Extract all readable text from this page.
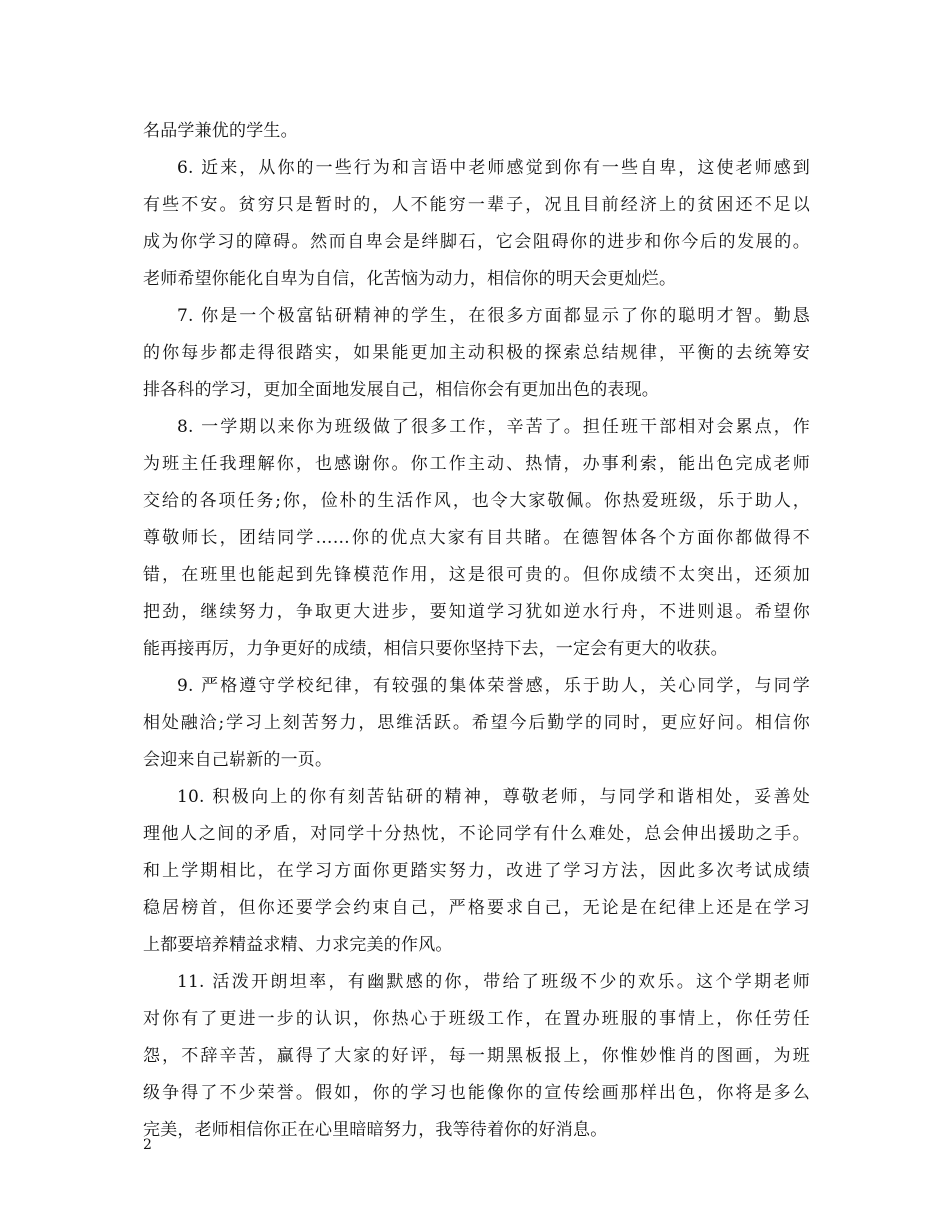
名品学兼优的学生。
6. 近来，从你的一些行为和言语中老师感觉到你有一些自卑，这使老师感到
有些不安。贫穷只是暂时的，人不能穷一辈子，况且目前经济上的贫困还不足以
成为你学习的障碍。然而自卑会是绊脚石，它会阻碍你的进步和你今后的发展的。
老师希望你能化自卑为自信，化苦恼为动力，相信你的明天会更灿烂。
7. 你是一个极富钻研精神的学生，在很多方面都显示了你的聪明才智。勤恳
的你每步都走得很踏实，如果能更加主动积极的探索总结规律，平衡的去统筹安
排各科的学习，更加全面地发展自己，相信你会有更加出色的表现。
8. 一学期以来你为班级做了很多工作，辛苦了。担任班干部相对会累点，作
为班主任我理解你，也感谢你。你工作主动、热情，办事利索，能出色完成老师
交给的各项任务;你，俭朴的生活作风，也令大家敬佩。你热爱班级，乐于助人，
尊敬师长，团结同学……你的优点大家有目共睹。在德智体各个方面你都做得不
错，在班里也能起到先锋模范作用，这是很可贵的。但你成绩不太突出，还须加
把劲，继续努力，争取更大进步，要知道学习犹如逆水行舟，不进则退。希望你
能再接再厉，力争更好的成绩，相信只要你坚持下去，一定会有更大的收获。
9. 严格遵守学校纪律，有较强的集体荣誉感，乐于助人，关心同学，与同学
相处融洽;学习上刻苦努力，思维活跃。希望今后勤学的同时，更应好问。相信你
会迎来自己崭新的一页。
10. 积极向上的你有刻苦钻研的精神，尊敬老师，与同学和谐相处，妥善处
理他人之间的矛盾，对同学十分热忱，不论同学有什么难处，总会伸出援助之手。
和上学期相比，在学习方面你更踏实努力，改进了学习方法，因此多次考试成绩
稳居榜首，但你还要学会约束自己，严格要求自己，无论是在纪律上还是在学习
上都要培养精益求精、力求完美的作风。
11. 活泼开朗坦率，有幽默感的你，带给了班级不少的欢乐。这个学期老师
对你有了更进一步的认识，你热心于班级工作，在置办班服的事情上，你任劳任
怨，不辞辛苦，赢得了大家的好评，每一期黑板报上，你惟妙惟肖的图画，为班
级争得了不少荣誉。假如，你的学习也能像你的宣传绘画那样出色，你将是多么
完美，老师相信你正在心里暗暗努力，我等待着你的好消息。
2
